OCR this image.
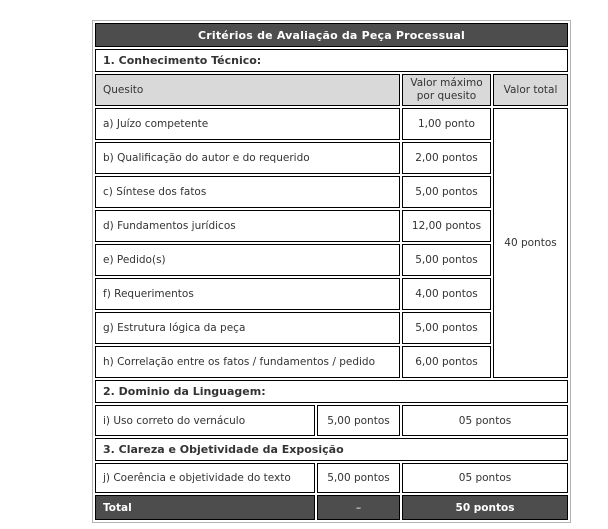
Critérios de Avaliação da Peça Processual			
1. Conhecimento Técnico:			
Quesito		Valor máximo por quesito	Valor total
a) Juízo competente		1,00 ponto	40 pontos
b) Qualificação do autor e do requerido		2,00 pontos	
c) Síntese dos fatos		5,00 pontos	
d) Fundamentos jurídicos		12,00 pontos	
e) Pedido(s)		5,00 pontos	
f) Requerimentos		4,00 pontos	
g) Estrutura lógica da peça		5,00 pontos	
h) Correlação entre os fatos / fundamentos / pedido		6,00 pontos	
2. Dominio da Linguagem:			
i) Uso correto do vernáculo	5,00 pontos	05 pontos	
3. Clareza e Objetividade da Exposição			
j) Coerência e objetividade do texto	5,00 pontos	05 pontos	
Total	–	50 pontos	
